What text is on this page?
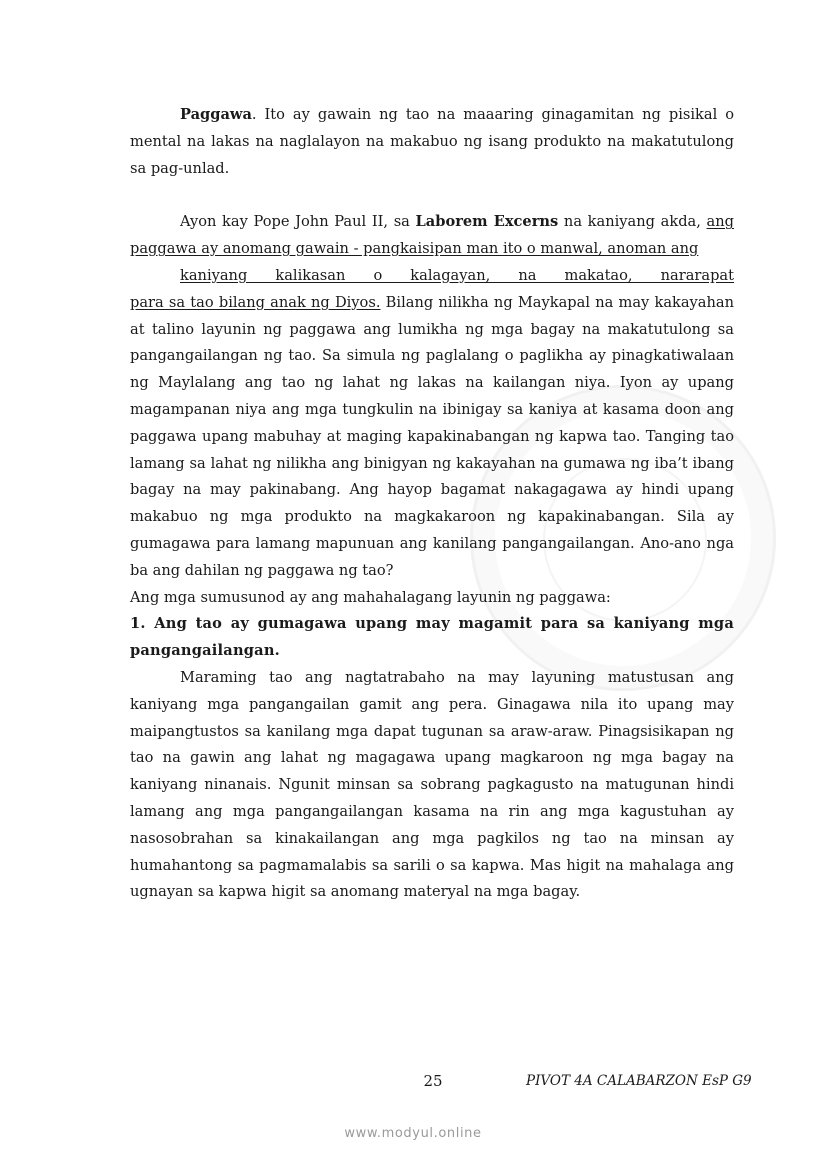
Paggawa. Ito ay gawain ng tao na maaaring ginagamitan ng pisikal o mental na lakas na naglalayon na makabuo ng isang produkto na makatutulong sa pag-unlad.

Ayon kay Pope John Paul II, sa Laborem Excerns na kaniyang akda, ang paggawa ay anomang gawain - pangkaisipan man ito o manwal, anoman ang
kaniyang kalikasan o kalagayan, na makatao, nararapat
para sa tao bilang anak ng Diyos. Bilang nilikha ng Maykapal na may kakayahan at talino layunin ng paggawa ang lumikha ng mga bagay na makatutulong sa pangangailangan ng tao. Sa simula ng paglalang o paglikha ay pinagkatiwalaan ng Maylalang ang tao ng lahat ng lakas na kailangan niya. Iyon ay upang magampanan niya ang mga tungkulin na ibinigay sa kaniya at kasama doon ang paggawa upang mabuhay at maging kapakinabangan ng kapwa tao. Tanging tao lamang sa lahat ng nilikha ang binigyan ng kakayahan na gumawa ng iba’t ibang bagay na may pakinabang. Ang hayop bagamat nakagagawa ay hindi upang makabuo ng mga produkto na magkakaroon ng kapakinabangan. Sila ay gumagawa para lamang mapunuan ang kanilang pangangailangan. Ano-ano nga ba ang dahilan ng paggawa ng tao?

Ang mga sumusunod ay ang mahahalagang layunin ng paggawa:

1. Ang tao ay gumagawa upang may magamit para sa kaniyang mga pangangailangan.

Maraming tao ang nagtatrabaho na may layuning matustusan ang kaniyang mga pangangailan gamit ang pera. Ginagawa nila ito upang may maipangtustos sa kanilang mga dapat tugunan sa araw-araw. Pinagsisikapan ng tao na gawin ang lahat ng magagawa upang magkaroon ng mga bagay na kaniyang ninanais. Ngunit minsan sa sobrang pagkagusto na matugunan hindi lamang ang mga pangangailangan kasama na rin ang mga kagustuhan ay nasosobrahan sa kinakailangan ang mga pagkilos ng tao na minsan ay humahantong sa pagmamalabis sa sarili o sa kapwa. Mas higit na mahalaga ang ugnayan sa kapwa higit sa anomang materyal na mga bagay.

25	PIVOT 4A CALABARZON EsP G9
www.modyul.online
